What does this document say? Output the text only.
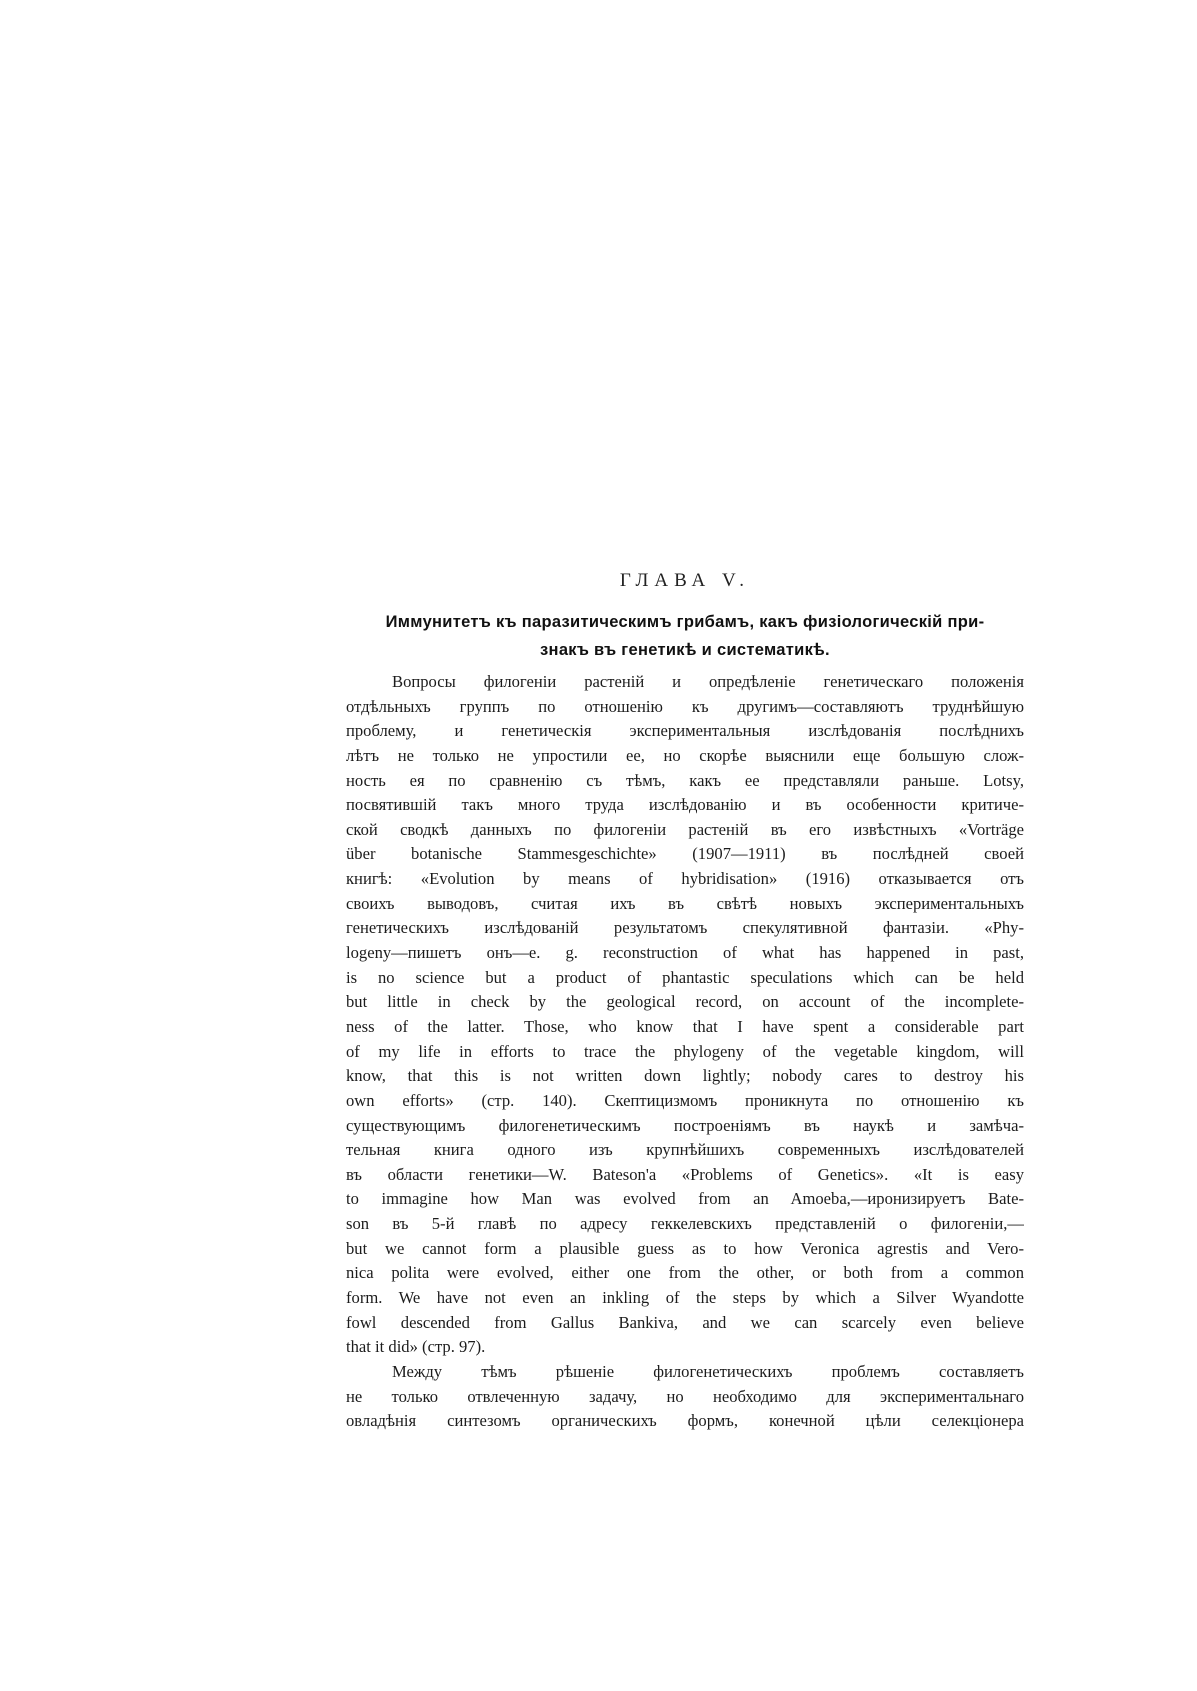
ГЛАВА V.
Иммунитетъ къ паразитическимъ грибамъ, какъ физiологическiй при-
знакъ въ генетикѣ и систематикѣ.
Вопросы филогенiи растенiй и опредѣленiе генетическаго положенiя
отдѣльныхъ группъ по отношенiю къ другимъ—составляютъ труднѣйшую
проблему, и генетическiя экспериментальныя изслѣдованiя послѣднихъ
лѣтъ не только не упростили ее, но скорѣе выяснили еще большую слож-
ность ея по сравненiю съ тѣмъ, какъ ее представляли раньше. Lotsy,
посвятившiй такъ много труда изслѣдованiю и въ особенности критиче-
ской сводкѣ данныхъ по филогенiи растенiй въ его извѣстныхъ «Vorträge
über botanische Stammesgeschichte» (1907—1911) въ послѣдней своей
книгѣ: «Evolution by means of hybridisation» (1916) отказывается отъ
своихъ выводовъ, считая ихъ въ свѣтѣ новыхъ экспериментальныхъ
генетическихъ изслѣдованiй результатомъ спекулятивной фантазiи. «Phy-
logeny—пишетъ онъ—e. g. reconstruction of what has happened in past,
is no science but a product of phantastic speculations which can be held
but little in check by the geological record, on account of the incomplete-
ness of the latter. Those, who know that I have spent a considerable part
of my life in efforts to trace the phylogeny of the vegetable kingdom, will
know, that this is not written down lightly; nobody cares to destroy his
own efforts» (стр. 140). Скептицизмомъ проникнута по отношенiю къ
существующимъ филогенетическимъ построенiямъ въ наукѣ и замѣча-
тельная книга одного изъ крупнѣйшихъ современныхъ изслѣдователей
въ области генетики—W. Bateson'a «Problems of Genetics». «It is easy
to immagine how Man was evolved from an Amoeba,—иронизируетъ Bate-
son въ 5-й главѣ по адресу геккелевскихъ представленiй о филогенiи,—
but we cannot form a plausible guess as to how Veronica agrestis and Vero-
nica polita were evolved, either one from the other, or both from a common
form. We have not even an inkling of the steps by which a Silver Wyandotte
fowl descended from Gallus Bankiva, and we can scarcely even believe
that it did» (стр. 97).
Между тѣмъ рѣшенiе филогенетическихъ проблемъ составляетъ
не только отвлеченную задачу, но необходимо для экспериментальнаго
овладѣнiя синтезомъ органическихъ формъ, конечной цѣли селекцiонера
